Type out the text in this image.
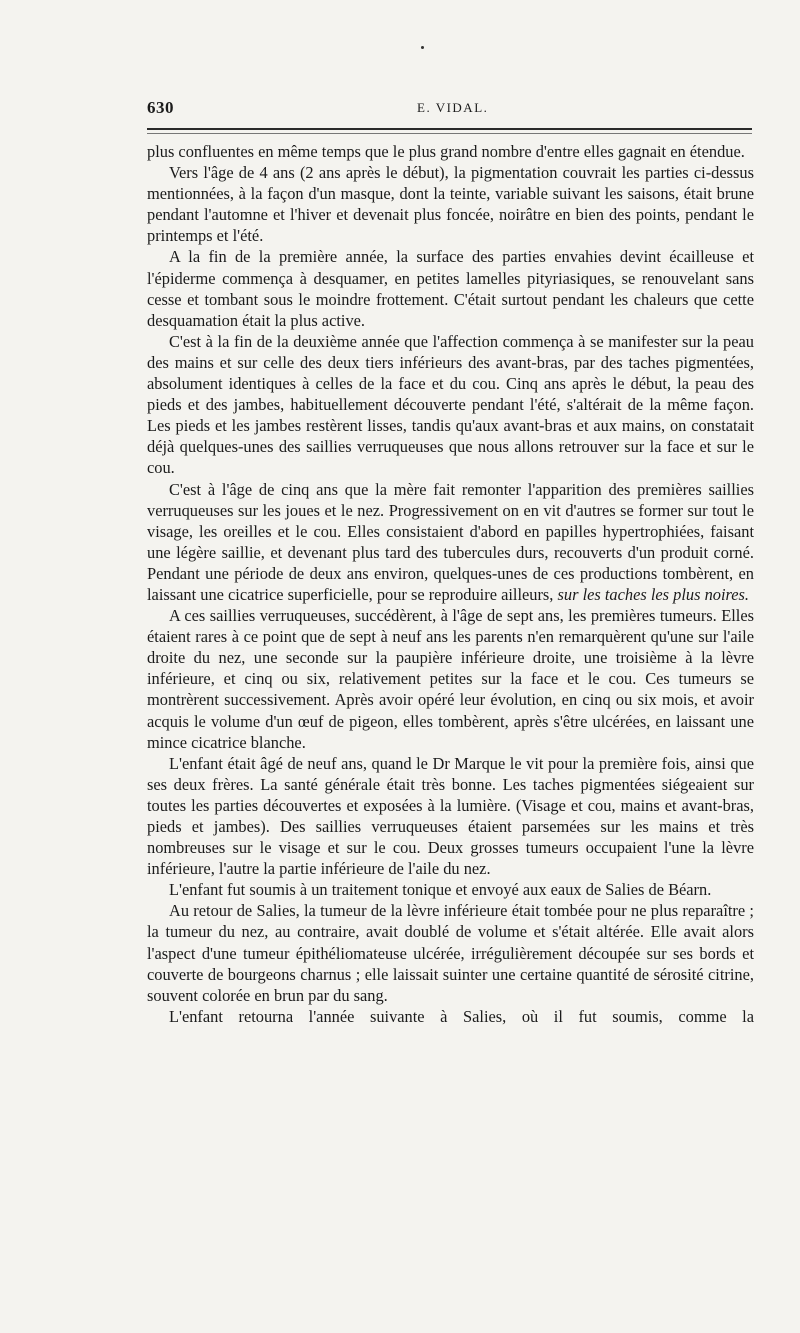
630	E. VIDAL.

plus confluentes en même temps que le plus grand nombre d'entre elles gagnait en étendue.

Vers l'âge de 4 ans (2 ans après le début), la pigmentation couvrait les parties ci-dessus mentionnées, à la façon d'un masque, dont la teinte, variable suivant les saisons, était brune pendant l'automne et l'hiver et devenait plus foncée, noirâtre en bien des points, pendant le printemps et l'été.

A la fin de la première année, la surface des parties envahies devint écailleuse et l'épiderme commença à desquamer, en petites lamelles pityriasiques, se renouvelant sans cesse et tombant sous le moindre frottement. C'était surtout pendant les chaleurs que cette desquamation était la plus active.

C'est à la fin de la deuxième année que l'affection commença à se manifester sur la peau des mains et sur celle des deux tiers inférieurs des avant-bras, par des taches pigmentées, absolument identiques à celles de la face et du cou. Cinq ans après le début, la peau des pieds et des jambes, habituellement découverte pendant l'été, s'altérait de la même façon. Les pieds et les jambes restèrent lisses, tandis qu'aux avant-bras et aux mains, on constatait déjà quelques-unes des saillies verruqueuses que nous allons retrouver sur la face et sur le cou.

C'est à l'âge de cinq ans que la mère fait remonter l'apparition des premières saillies verruqueuses sur les joues et le nez. Progressivement on en vit d'autres se former sur tout le visage, les oreilles et le cou. Elles consistaient d'abord en papilles hypertrophiées, faisant une légère saillie, et devenant plus tard des tubercules durs, recouverts d'un produit corné. Pendant une période de deux ans environ, quelques-unes de ces productions tombèrent, en laissant une cicatrice superficielle, pour se reproduire ailleurs, sur les taches les plus noires.

A ces saillies verruqueuses, succédèrent, à l'âge de sept ans, les premières tumeurs. Elles étaient rares à ce point que de sept à neuf ans les parents n'en remarquèrent qu'une sur l'aile droite du nez, une seconde sur la paupière inférieure droite, une troisième à la lèvre inférieure, et cinq ou six, relativement petites sur la face et le cou. Ces tumeurs se montrèrent successivement. Après avoir opéré leur évolution, en cinq ou six mois, et avoir acquis le volume d'un œuf de pigeon, elles tombèrent, après s'être ulcérées, en laissant une mince cicatrice blanche.

L'enfant était âgé de neuf ans, quand le Dr Marque le vit pour la première fois, ainsi que ses deux frères. La santé générale était très bonne. Les taches pigmentées siégeaient sur toutes les parties découvertes et exposées à la lumière. (Visage et cou, mains et avant-bras, pieds et jambes). Des saillies verruqueuses étaient parsemées sur les mains et très nombreuses sur le visage et sur le cou. Deux grosses tumeurs occupaient l'une la lèvre inférieure, l'autre la partie inférieure de l'aile du nez.

L'enfant fut soumis à un traitement tonique et envoyé aux eaux de Salies de Béarn.

Au retour de Salies, la tumeur de la lèvre inférieure était tombée pour ne plus reparaître ; la tumeur du nez, au contraire, avait doublé de volume et s'était altérée. Elle avait alors l'aspect d'une tumeur épithéliomateuse ulcérée, irrégulièrement découpée sur ses bords et couverte de bourgeons charnus ; elle laissait suinter une certaine quantité de sérosité citrine, souvent colorée en brun par du sang.

L'enfant retourna l'année suivante à Salies, où il fut soumis, comme la
